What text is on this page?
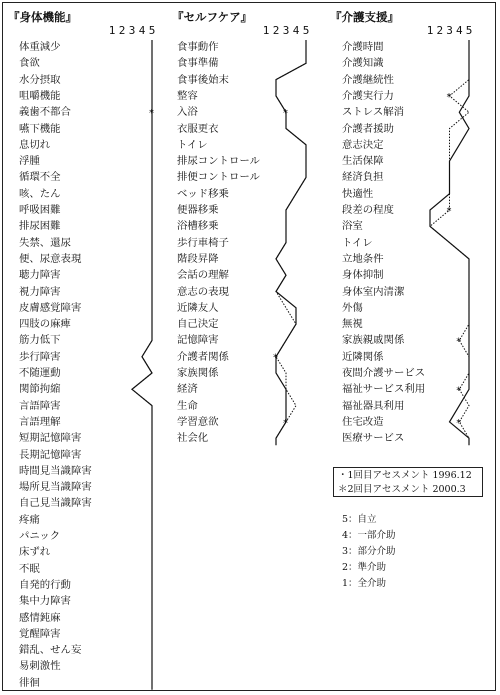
*	*
*
*
*
*
*
*
*
『身体機能』
1 2 3 4 5
体重減少
食欲
水分摂取
咀嚼機能
義歯不都合
嚥下機能
息切れ
浮腫
循環不全
咳、たん
呼吸困難
排尿困難
失禁、還尿
便、尿意表現
聴力障害
視力障害
皮膚感覚障害
四肢の麻痺
筋力低下
歩行障害
不随運動
関節拘縮
言語障害
言語理解
短期記憶障害
長期記憶障害
時間見当識障害
場所見当識障害
自己見当識障害
疼痛
パニック
床ずれ
不眠
自発的行動
集中力障害
感情鈍麻
覚醒障害
錯乱、せん妄
易刺激性
徘徊
『セルフケア』
1 2 3 4 5
食事動作
食事準備
食事後始末
整容
入浴
衣服更衣
トイレ
排尿コントロール
排便コントロール
ベッド移乗
便器移乗
浴槽移乗
歩行車椅子
階段昇降
会話の理解
意志の表現
近隣友人
自己決定
記憶障害
介護者関係
家族関係
経済
生命
学習意欲
社会化
『介護支援』
1 2 3 4 5
介護時間
介護知識
介護継続性
介護実行力
ストレス解消
介護者援助
意志決定
生活保障
経済負担
快適性
段差の程度
浴室
トイレ
立地条件
身体抑制
身体室内清潔
外傷
無視
家族親戚関係
近隣関係
夜間介護サービス
福祉サービス利用
福祉器具利用
住宅改造
医療サービス
・1回目アセスメント 1996.12
＊2回目アセスメント 2000.3
5：自立
4：一部介助
3：部分介助
2：準介助
1：全介助
